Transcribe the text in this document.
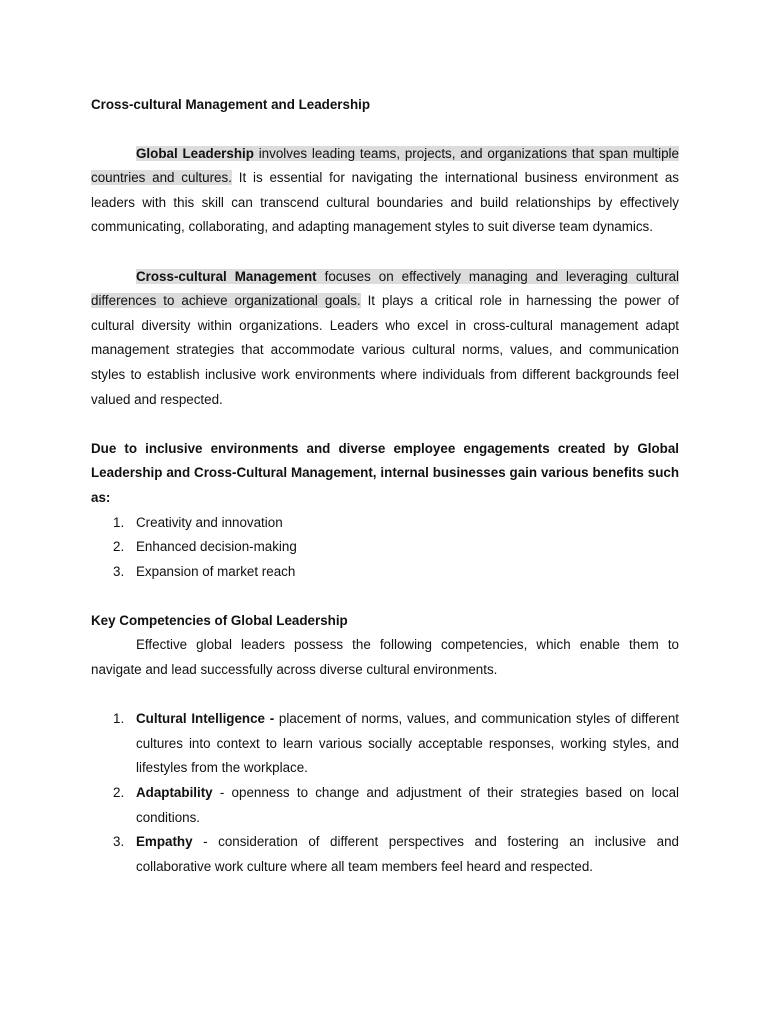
Cross-cultural Management and Leadership

Global Leadership involves leading teams, projects, and organizations that span multiple countries and cultures. It is essential for navigating the international business environment as leaders with this skill can transcend cultural boundaries and build relationships by effectively communicating, collaborating, and adapting management styles to suit diverse team dynamics.

Cross-cultural Management focuses on effectively managing and leveraging cultural differences to achieve organizational goals. It plays a critical role in harnessing the power of cultural diversity within organizations. Leaders who excel in cross-cultural management adapt management strategies that accommodate various cultural norms, values, and communication styles to establish inclusive work environments where individuals from different backgrounds feel valued and respected.

Due to inclusive environments and diverse employee engagements created by Global Leadership and Cross-Cultural Management, internal businesses gain various benefits such as:

1. Creativity and innovation
2. Enhanced decision-making
3. Expansion of market reach

Key Competencies of Global Leadership

Effective global leaders possess the following competencies, which enable them to navigate and lead successfully across diverse cultural environments.

1. Cultural Intelligence - placement of norms, values, and communication styles of different cultures into context to learn various socially acceptable responses, working styles, and lifestyles from the workplace.
2. Adaptability - openness to change and adjustment of their strategies based on local conditions.
3. Empathy - consideration of different perspectives and fostering an inclusive and collaborative work culture where all team members feel heard and respected.
